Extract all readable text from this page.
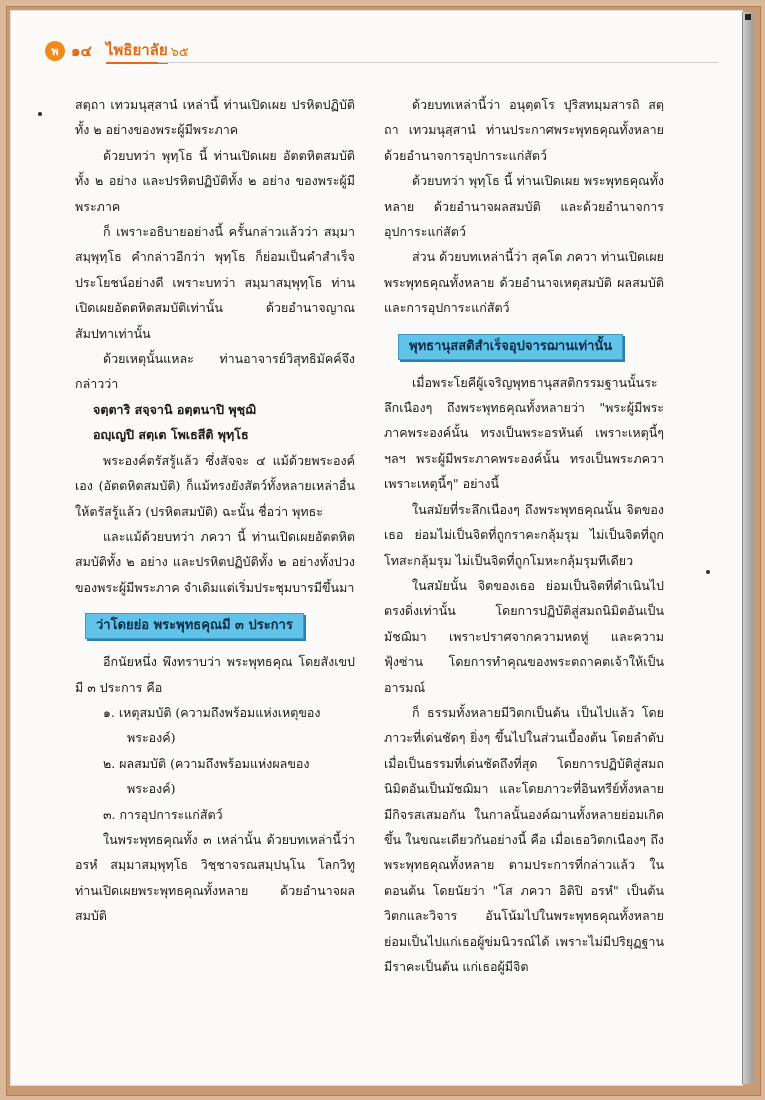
พ ๑๔ ไพธิยาลัย ๖๕

สตฺถา เทวมนุสฺสานํ เหล่านี้ ท่านเปิดเผย ปรหิตปฏิบัติทั้ง ๒ อย่างของพระผู้มีพระภาค

ด้วยบทว่า พุทฺโธ นี้ ท่านเปิดเผย อัตตหิตสมบัติทั้ง ๒ อย่าง และปรหิตปฏิบัติทั้ง ๒ อย่าง ของพระผู้มีพระภาค

ก็ เพราะอธิบายอย่างนี้ ครั้นกล่าวแล้วว่า สมฺมาสมฺพุทฺโธ คำกล่าวอีกว่า พุทฺโธ ก็ย่อมเป็นคำสำเร็จประโยชน์อย่างดี เพราะบทว่า สมฺมาสมฺพุทฺโธ ท่านเปิดเผยอัตตหิตสมบัติเท่านั้น ด้วยอำนาจญาณสัมปทาเท่านั้น

ด้วยเหตุนั้นแหละ ท่านอาจารย์วิสุทธิมัคค์จึงกล่าวว่า

จตฺตาริ สจฺจานิ อตฺตนาปิ พุชฺฌิ

อญฺเญปิ สตฺเต โพเธสีติ พุทฺโธ

พระองค์ตรัสรู้แล้ว ซึ่งสัจจะ ๔ แม้ด้วยพระองค์เอง (อัตตหิตสมบัติ) ก็แม้ทรงยังสัตว์ทั้งหลายเหล่าอื่นให้ตรัสรู้แล้ว (ปรหิตสมบัติ) ฉะนั้น ชื่อว่า พุทธะ

และแม้ด้วยบทว่า ภควา นี้ ท่านเปิดเผยอัตตหิตสมบัติทั้ง ๒ อย่าง และปรหิตปฏิบัติทั้ง ๒ อย่างทั้งปวงของพระผู้มีพระภาค จำเดิมแต่เริ่มประชุมบารมีขึ้นมา

ว่าโดยย่อ พระพุทธคุณมี ๓ ประการ

อีกนัยหนึ่ง พึงทราบว่า พระพุทธคุณ โดยสังเขปมี ๓ ประการ คือ

๑. เหตุสมบัติ (ความถึงพร้อมแห่งเหตุของ

พระองค์)

๒. ผลสมบัติ (ความถึงพร้อมแห่งผลของ

พระองค์)

๓. การอุปการะแก่สัตว์

ในพระพุทธคุณทั้ง ๓ เหล่านั้น ด้วยบทเหล่านี้ว่า อรหํ สมฺมาสมฺพุทฺโธ วิชฺชาจรณสมฺปนฺโน โลกวิทู ท่านเปิดเผยพระพุทธคุณทั้งหลาย ด้วยอำนาจผลสมบัติ

ด้วยบทเหล่านี้ว่า อนุตฺตโร ปุริสทมฺมสารถิ สตฺถา เทวมนุสฺสานํ ท่านประกาศพระพุทธคุณทั้งหลาย ด้วยอำนาจการอุปการะแก่สัตว์

ด้วยบทว่า พุทฺโธ นี้ ท่านเปิดเผย พระพุทธคุณทั้งหลาย ด้วยอำนาจผลสมบัติ และด้วยอำนาจการอุปการะแก่สัตว์

ส่วน ด้วยบทเหล่านี้ว่า สุคโต ภควา ท่านเปิดเผยพระพุทธคุณทั้งหลาย ด้วยอำนาจเหตุสมบัติ ผลสมบัติ และการอุปการะแก่สัตว์

พุทธานุสสติสำเร็จอุปจารฌานเท่านั้น

เมื่อพระโยคีผู้เจริญพุทธานุสสติกรรมฐานนั้นระลึกเนืองๆ ถึงพระพุทธคุณทั้งหลายว่า "พระผู้มีพระภาคพระองค์นั้น ทรงเป็นพระอรหันต์ เพราะเหตุนี้ๆ ฯลฯ พระผู้มีพระภาคพระองค์นั้น ทรงเป็นพระภควา เพราะเหตุนี้ๆ" อย่างนี้

ในสมัยที่ระลึกเนืองๆ ถึงพระพุทธคุณนั้น จิตของเธอ ย่อมไม่เป็นจิตที่ถูกราคะกลุ้มรุม ไม่เป็นจิตที่ถูกโทสะกลุ้มรุม ไม่เป็นจิตที่ถูกโมหะกลุ้มรุมทีเดียว

ในสมัยนั้น จิตของเธอ ย่อมเป็นจิตที่ดำเนินไปตรงดิ่งเท่านั้น โดยการปฏิบัติสู่สมถนิมิตอันเป็นมัชฌิมา เพราะปราศจากความหดหู่ และความฟุ้งซ่าน โดยการทำคุณของพระตถาคตเจ้าให้เป็นอารมณ์

ก็ ธรรมทั้งหลายมีวิตกเป็นต้น เป็นไปแล้ว โดยภาวะที่เด่นชัดๆ ยิ่งๆ ขึ้นไปในส่วนเบื้องต้น โดยลำดับ เมื่อเป็นธรรมที่เด่นชัดถึงที่สุด โดยการปฏิบัติสู่สมถนิมิตอันเป็นมัชฌิมา และโดยภาวะที่อินทรีย์ทั้งหลายมีกิจรสเสมอกัน ในกาลนั้นองค์ฌานทั้งหลายย่อมเกิดขึ้น ในขณะเดียวกันอย่างนี้ คือ เมื่อเธอวิตกเนืองๆ ถึงพระพุทธคุณทั้งหลาย ตามประการที่กล่าวแล้ว ในตอนต้น โดยนัยว่า "โส ภควา อิติปิ อรหํ" เป็นต้น วิตกและวิจาร อันโน้มไปในพระพุทธคุณทั้งหลาย ย่อมเป็นไปแก่เธอผู้ข่มนิวรณ์ได้ เพราะไม่มีปริยุฏฐาน มีราคะเป็นต้น แก่เธอผู้มีจิต
